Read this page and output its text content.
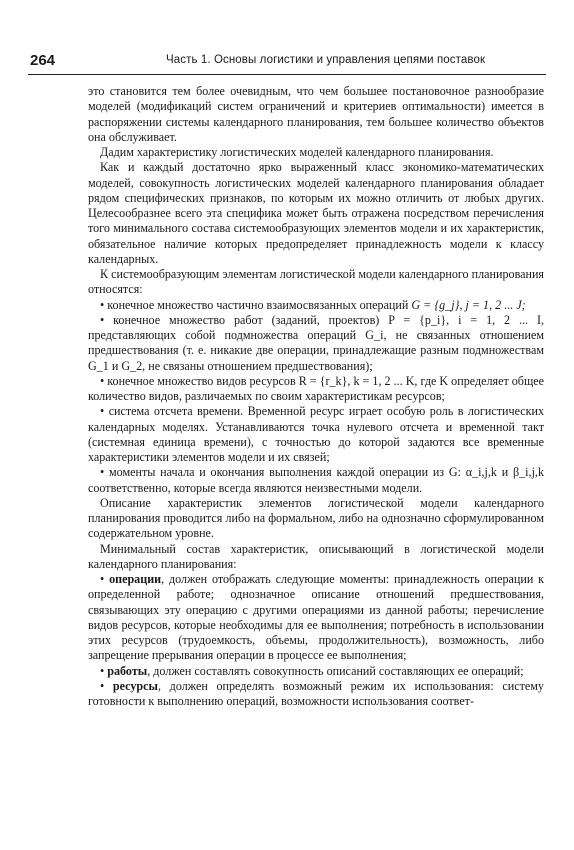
264	Часть 1. Основы логистики и управления цепями поставок

это становится тем более очевидным, что чем большее постановочное разнообразие моделей (модификаций систем ограничений и критериев оптимальности) имеется в распоряжении системы календарного планирования, тем большее количество объектов она обслуживает.

Дадим характеристику логистических моделей календарного планирования.

Как и каждый достаточно ярко выраженный класс экономико-математических моделей, совокупность логистических моделей календарного планирования обладает рядом специфических признаков, по которым их можно отличить от любых других. Целесообразнее всего эта специфика может быть отражена посредством перечисления того минимального состава системообразующих элементов модели и их характеристик, обязательное наличие которых предопределяет принадлежность модели к классу календарных.

К системообразующим элементам логистической модели календарного планирования относятся:

• конечное множество частично взаимосвязанных операций G = {g_j}, j = 1, 2 ... J;

• конечное множество работ (заданий, проектов) P = {p_i}, i = 1, 2 ... I, представляющих собой подмножества операций G_i, не связанных отношением предшествования (т. е. никакие две операции, принадлежащие разным подмножествам G_1 и G_2, не связаны отношением предшествования);

• конечное множество видов ресурсов R = {r_k}, k = 1, 2 ... K, где K определяет общее количество видов, различаемых по своим характеристикам ресурсов;

• система отсчета времени. Временной ресурс играет особую роль в логистических календарных моделях. Устанавливаются точка нулевого отсчета и временной такт (системная единица времени), с точностью до которой задаются все временные характеристики элементов модели и их связей;

• моменты начала и окончания выполнения каждой операции из G: α_i,j,k и β_i,j,k соответственно, которые всегда являются неизвестными модели.

Описание характеристик элементов логистической модели календарного планирования проводится либо на формальном, либо на однозначно сформулированном содержательном уровне.

Минимальный состав характеристик, описывающий в логистической модели календарного планирования:

• операции, должен отображать следующие моменты: принадлежность операции к определенной работе; однозначное описание отношений предшествования, связывающих эту операцию с другими операциями из данной работы; перечисление видов ресурсов, которые необходимы для ее выполнения; потребность в использовании этих ресурсов (трудоемкость, объемы, продолжительность), возможность, либо запрещение прерывания операции в процессе ее выполнения;

• работы, должен составлять совокупность описаний составляющих ее операций;

• ресурсы, должен определять возможный режим их использования: систему готовности к выполнению операций, возможности использования соответ-
